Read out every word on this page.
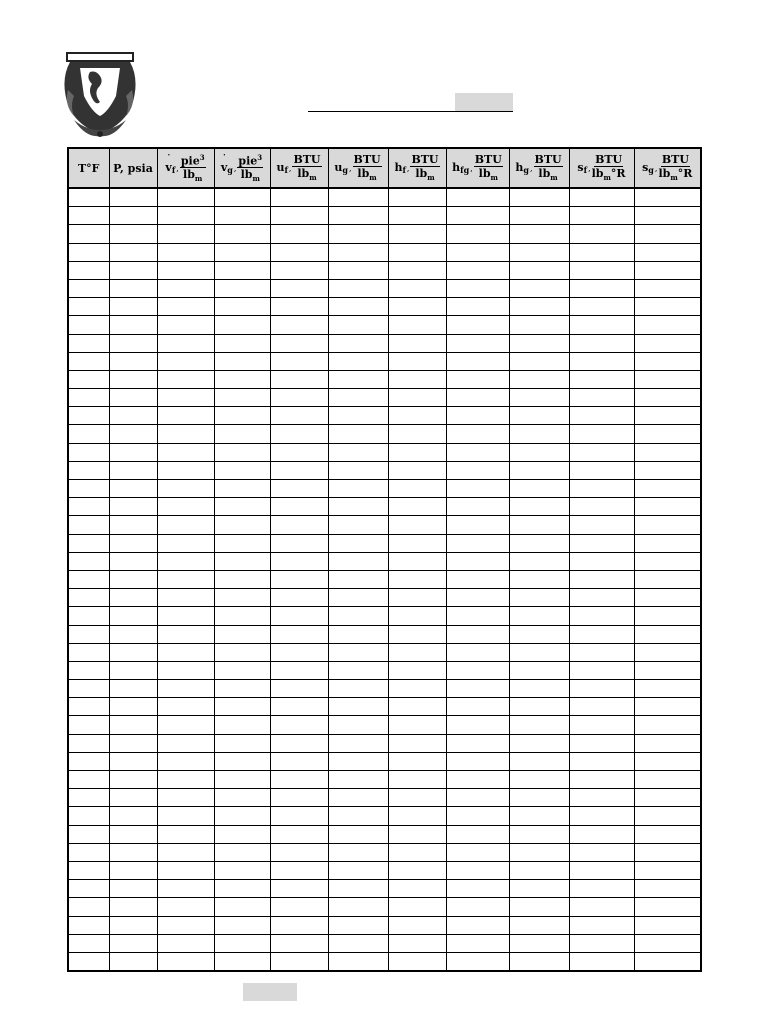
T°F	P, psia	˙ vf , $\frac{pie^3}{lb_m}$	˙ vg , $\frac{pie^3}{lb_m}$	uf , $\frac{\text{BTU}}{lb_m}$	ug , $\frac{\text{BTU}}{lb_m}$	hf , $\frac{\text{BTU}}{lb_m}$	hfg , $\frac{\text{BTU}}{lb_m}$	hg , $\frac{\text{BTU}}{lb_m}$	sf , $\frac{\text{BTU}}{lb_m^\circ R}$	sg , $\frac{\text{BTU}}{lb_m^\circ R}$
